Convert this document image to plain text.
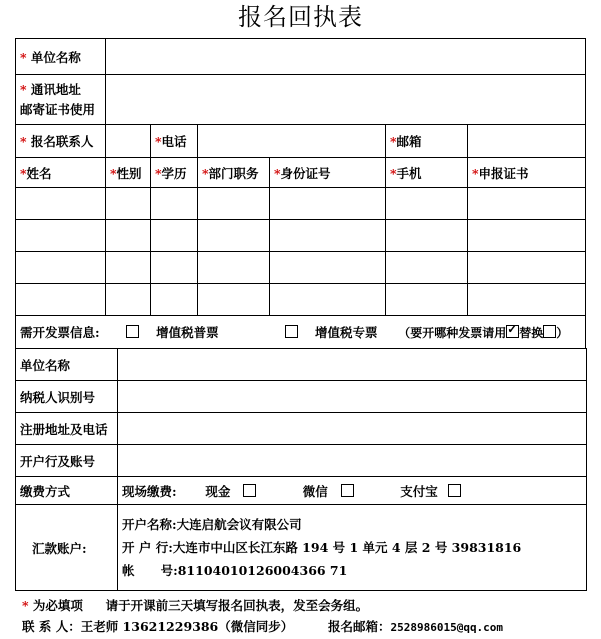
报名回执表
* 单位名称						
* 通讯地址
邮寄证书使用						
* 报名联系人		*电话			*邮箱	
*姓名	*性别	*学历	*部门职务	*身份证号	*手机	*申报证书

需开发票信息: 增值税普票 增值税专票 （要开哪种发票请用 ✓ 替换 ）
单位名称	
纳税人识别号	
注册地址及电话	
开户行及账号	
缴费方式	现场缴费: 现金 微信 支付宝
汇款账户:	开户名称:大连启航会议有限公司
开 户 行:大连市中山区长江东路 194 号 1 单元 4 层 2 号 39831816
帐      号:81104010126004366 71
* 为必填项 请于开课前三天填写报名回执表，发至会务组。
联 系 人：王老师 13621229386（微信同步）	报名邮箱：2528986015@qq.com
